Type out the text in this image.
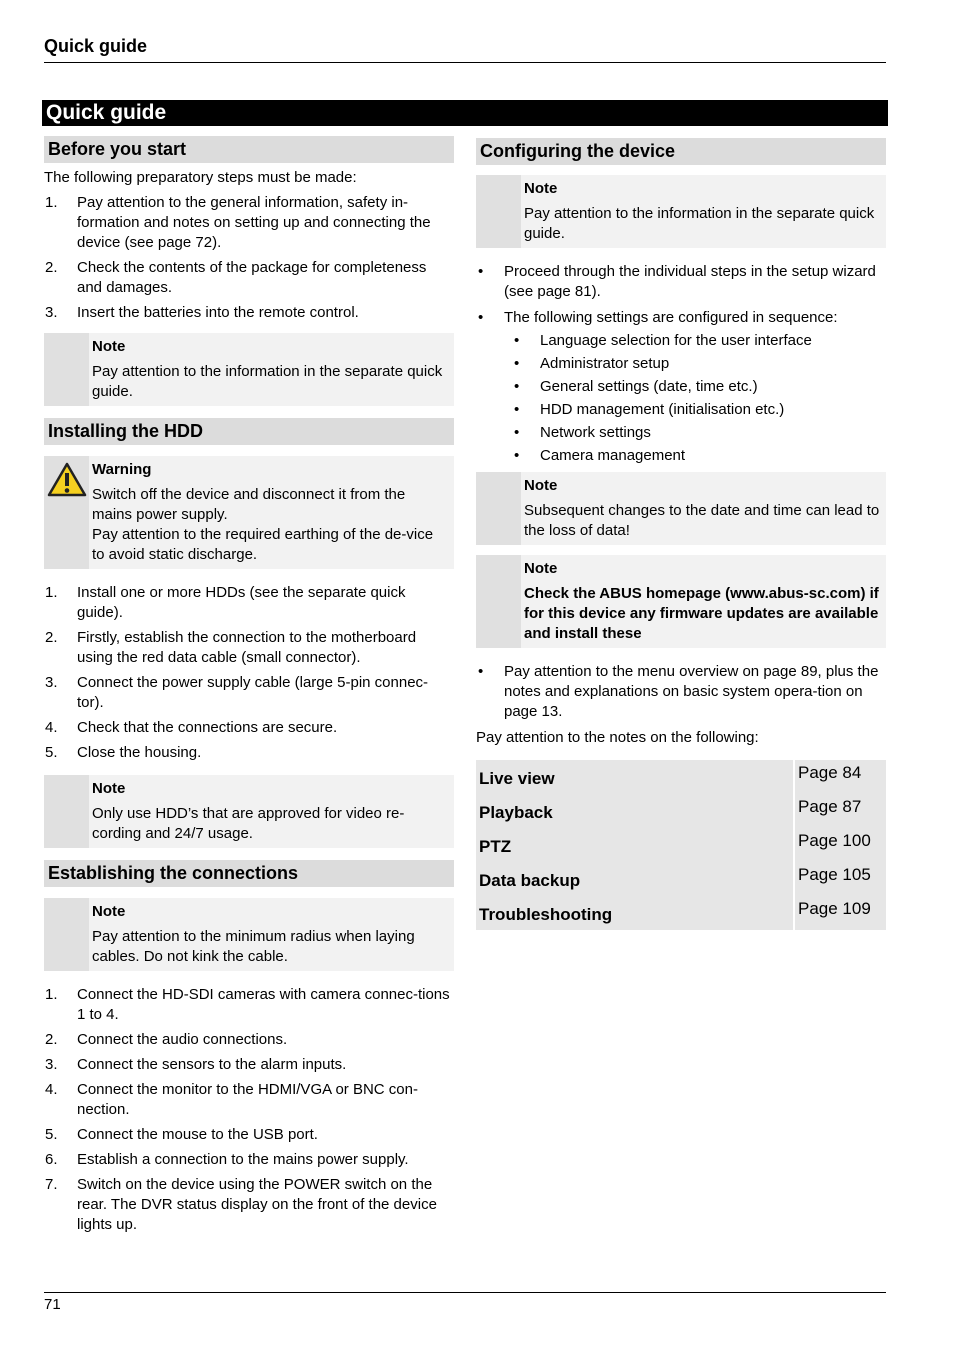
Quick guide
Quick guide
Before you start
The following preparatory steps must be made:
1. Pay attention to the general information, safety in-formation and notes on setting up and connecting the device (see page 72).
2. Check the contents of the package for completeness and damages.
3. Insert the batteries into the remote control.
Note
Pay attention to the information in the separate quick guide.
Installing the HDD
Warning
Switch off the device and disconnect it from the mains power supply.
Pay attention to the required earthing of the de-vice to avoid static discharge.
1. Install one or more HDDs (see the separate quick guide).
2. Firstly, establish the connection to the motherboard using the red data cable (small connector).
3. Connect the power supply cable (large 5-pin connec-tor).
4. Check that the connections are secure.
5. Close the housing.
Note
Only use HDD’s that are approved for video re-cording and 24/7 usage.
Establishing the connections
Note
Pay attention to the minimum radius when laying cables. Do not kink the cable.
1. Connect the HD-SDI cameras with camera connec-tions 1 to 4.
2. Connect the audio connections.
3. Connect the sensors to the alarm inputs.
4. Connect the monitor to the HDMI/VGA or BNC con-nection.
5. Connect the mouse to the USB port.
6. Establish a connection to the mains power supply.
7. Switch on the device using the POWER switch on the rear. The DVR status display on the front of the device lights up.
Configuring the device
Note
Pay attention to the information in the separate quick guide.
• Proceed through the individual steps in the setup wizard (see page 81).
• The following settings are configured in sequence:
• Language selection for the user interface
• Administrator setup
• General settings (date, time etc.)
• HDD management (initialisation etc.)
• Network settings
• Camera management
Note
Subsequent changes to the date and time can lead to the loss of data!
Note
Check the ABUS homepage (www.abus-sc.com) if for this device any firmware updates are available and install these
• Pay attention to the menu overview on page 89, plus the notes and explanations on basic system opera-tion on page 13.
Pay attention to the notes on the following:
Live view	Page 84
Playback	Page 87
PTZ	Page 100
Data backup	Page 105
Troubleshooting	Page 109
71
